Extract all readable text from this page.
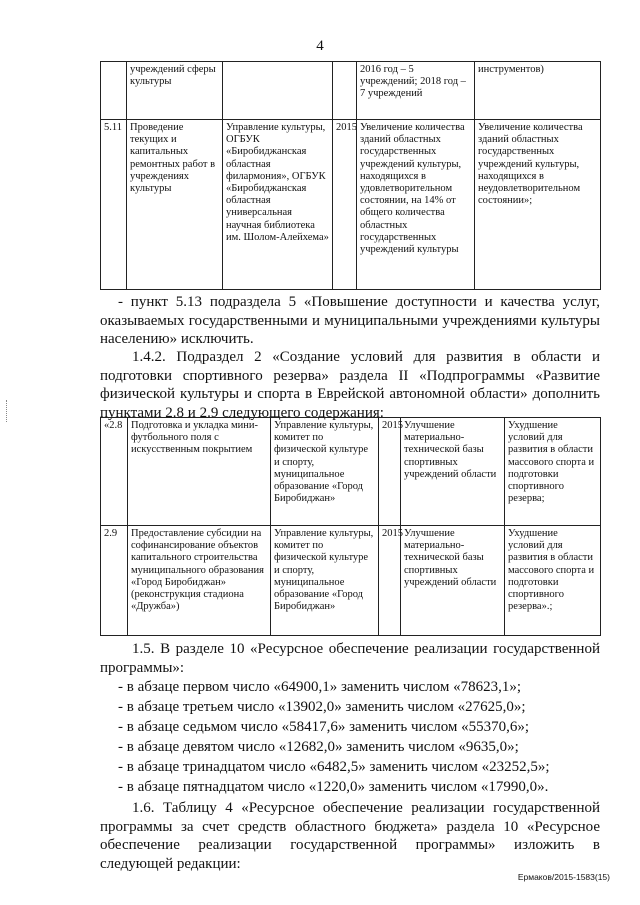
4
	учреждений сферы культуры			2016 год – 5 учреждений; 2018 год – 7 учреждений	инструментов)
5.11	Проведение текущих и капитальных ремонтных работ в учреждениях культуры	Управление культуры, ОГБУК «Биробиджанская областная филармония», ОГБУК «Биробиджанская областная универсальная научная библиотека им. Шолом-Алейхема»	2015	Увеличение количества зданий областных государственных учреждений культуры, находящихся в удовлетворительном состоянии, на 14% от общего количества областных государственных учреждений культуры	Увеличение количества зданий областных государственных учреждений культуры, находящихся в неудовлетворительном состоянии»;
- пункт 5.13 подраздела 5 «Повышение доступности и качества услуг, оказываемых государственными и муниципальными учреждениями культуры населению» исключить.
1.4.2. Подраздел 2 «Создание условий для развития в области и подготовки спортивного резерва» раздела II «Подпрограммы «Развитие физической культуры и спорта в Еврейской автономной области» дополнить пунктами 2.8 и 2.9 следующего содержания:
«2.8	Подготовка и укладка мини-футбольного поля с искусственным покрытием	Управление культуры, комитет по физической культуре и спорту, муниципальное образование «Город Биробиджан»	2015	Улучшение материально-технической базы спортивных учреждений области	Ухудшение условий для развития в области массового спорта и подготовки спортивного резерва;
2.9	Предоставление субсидии на софинансирование объектов капитального строительства муниципального образования «Город Биробиджан» (реконструкция стадиона «Дружба»)	Управление культуры, комитет по физической культуре и спорту, муниципальное образование «Город Биробиджан»	2015	Улучшение материально-технической базы спортивных учреждений области	Ухудшение условий для развития в области массового спорта и подготовки спортивного резерва».;
1.5. В разделе 10 «Ресурсное обеспечение реализации государственной программы»:
- в абзаце первом число «64900,1» заменить числом «78623,1»;
- в абзаце третьем число «13902,0» заменить числом «27625,0»;
- в абзаце седьмом число «58417,6» заменить числом «55370,6»;
- в абзаце девятом число «12682,0» заменить числом «9635,0»;
- в абзаце тринадцатом число «6482,5» заменить числом «23252,5»;
- в абзаце пятнадцатом число «1220,0» заменить числом «17990,0».
1.6. Таблицу 4 «Ресурсное обеспечение реализации государственной программы за счет средств областного бюджета» раздела 10 «Ресурсное обеспечение реализации государственной программы» изложить в следующей редакции:
Ермаков/2015-1583(15)
